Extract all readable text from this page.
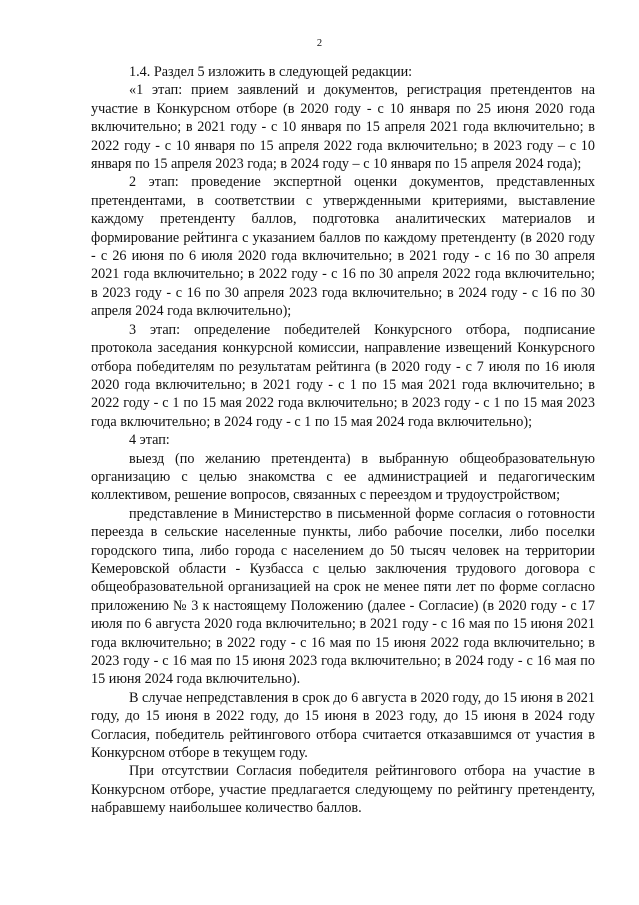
2

1.4. Раздел 5 изложить в следующей редакции:

«1 этап: прием заявлений и документов, регистрация претендентов на участие в Конкурсном отборе (в 2020 году - с 10 января по 25 июня 2020 года включительно; в 2021 году - с 10 января по 15 апреля 2021 года включительно; в 2022 году - с 10 января по 15 апреля 2022 года включительно; в 2023 году – с 10 января по 15 апреля 2023 года; в 2024 году – с 10 января по 15 апреля 2024 года);

2 этап: проведение экспертной оценки документов, представленных претендентами, в соответствии с утвержденными критериями, выставление каждому претенденту баллов, подготовка аналитических материалов и формирование рейтинга с указанием баллов по каждому претенденту (в 2020 году - с 26 июня по 6 июля 2020 года включительно; в 2021 году - с 16 по 30 апреля 2021 года включительно; в 2022 году - с 16 по 30 апреля 2022 года включительно; в 2023 году - с 16 по 30 апреля 2023 года включительно; в 2024 году - с 16 по 30 апреля 2024 года включительно);

3 этап: определение победителей Конкурсного отбора, подписание протокола заседания конкурсной комиссии, направление извещений Конкурсного отбора победителям по результатам рейтинга (в 2020 году - с 7 июля по 16 июля 2020 года включительно; в 2021 году - с 1 по 15 мая 2021 года включительно; в 2022 году - с 1 по 15 мая 2022 года включительно; в 2023 году - с 1 по 15 мая 2023 года включительно; в 2024 году - с 1 по 15 мая 2024 года включительно);

4 этап:

выезд (по желанию претендента) в выбранную общеобразовательную организацию с целью знакомства с ее администрацией и педагогическим коллективом, решение вопросов, связанных с переездом и трудоустройством;

представление в Министерство в письменной форме согласия о готовности переезда в сельские населенные пункты, либо рабочие поселки, либо поселки городского типа, либо города с населением до 50 тысяч человек на территории Кемеровской области - Кузбасса с целью заключения трудового договора с общеобразовательной организацией на срок не менее пяти лет по форме согласно приложению № 3 к настоящему Положению (далее - Согласие) (в 2020 году - с 17 июля по 6 августа 2020 года включительно; в 2021 году - с 16 мая по 15 июня 2021 года включительно; в 2022 году - с 16 мая по 15 июня 2022 года включительно; в 2023 году - с 16 мая по 15 июня 2023 года включительно; в 2024 году - с 16 мая по 15 июня 2024 года включительно).

В случае непредставления в срок до 6 августа в 2020 году, до 15 июня в 2021 году, до 15 июня в 2022 году, до 15 июня в 2023 году, до 15 июня в 2024 году Согласия, победитель рейтингового отбора считается отказавшимся от участия в Конкурсном отборе в текущем году.

При отсутствии Согласия победителя рейтингового отбора на участие в Конкурсном отборе, участие предлагается следующему по рейтингу претенденту, набравшему наибольшее количество баллов.
